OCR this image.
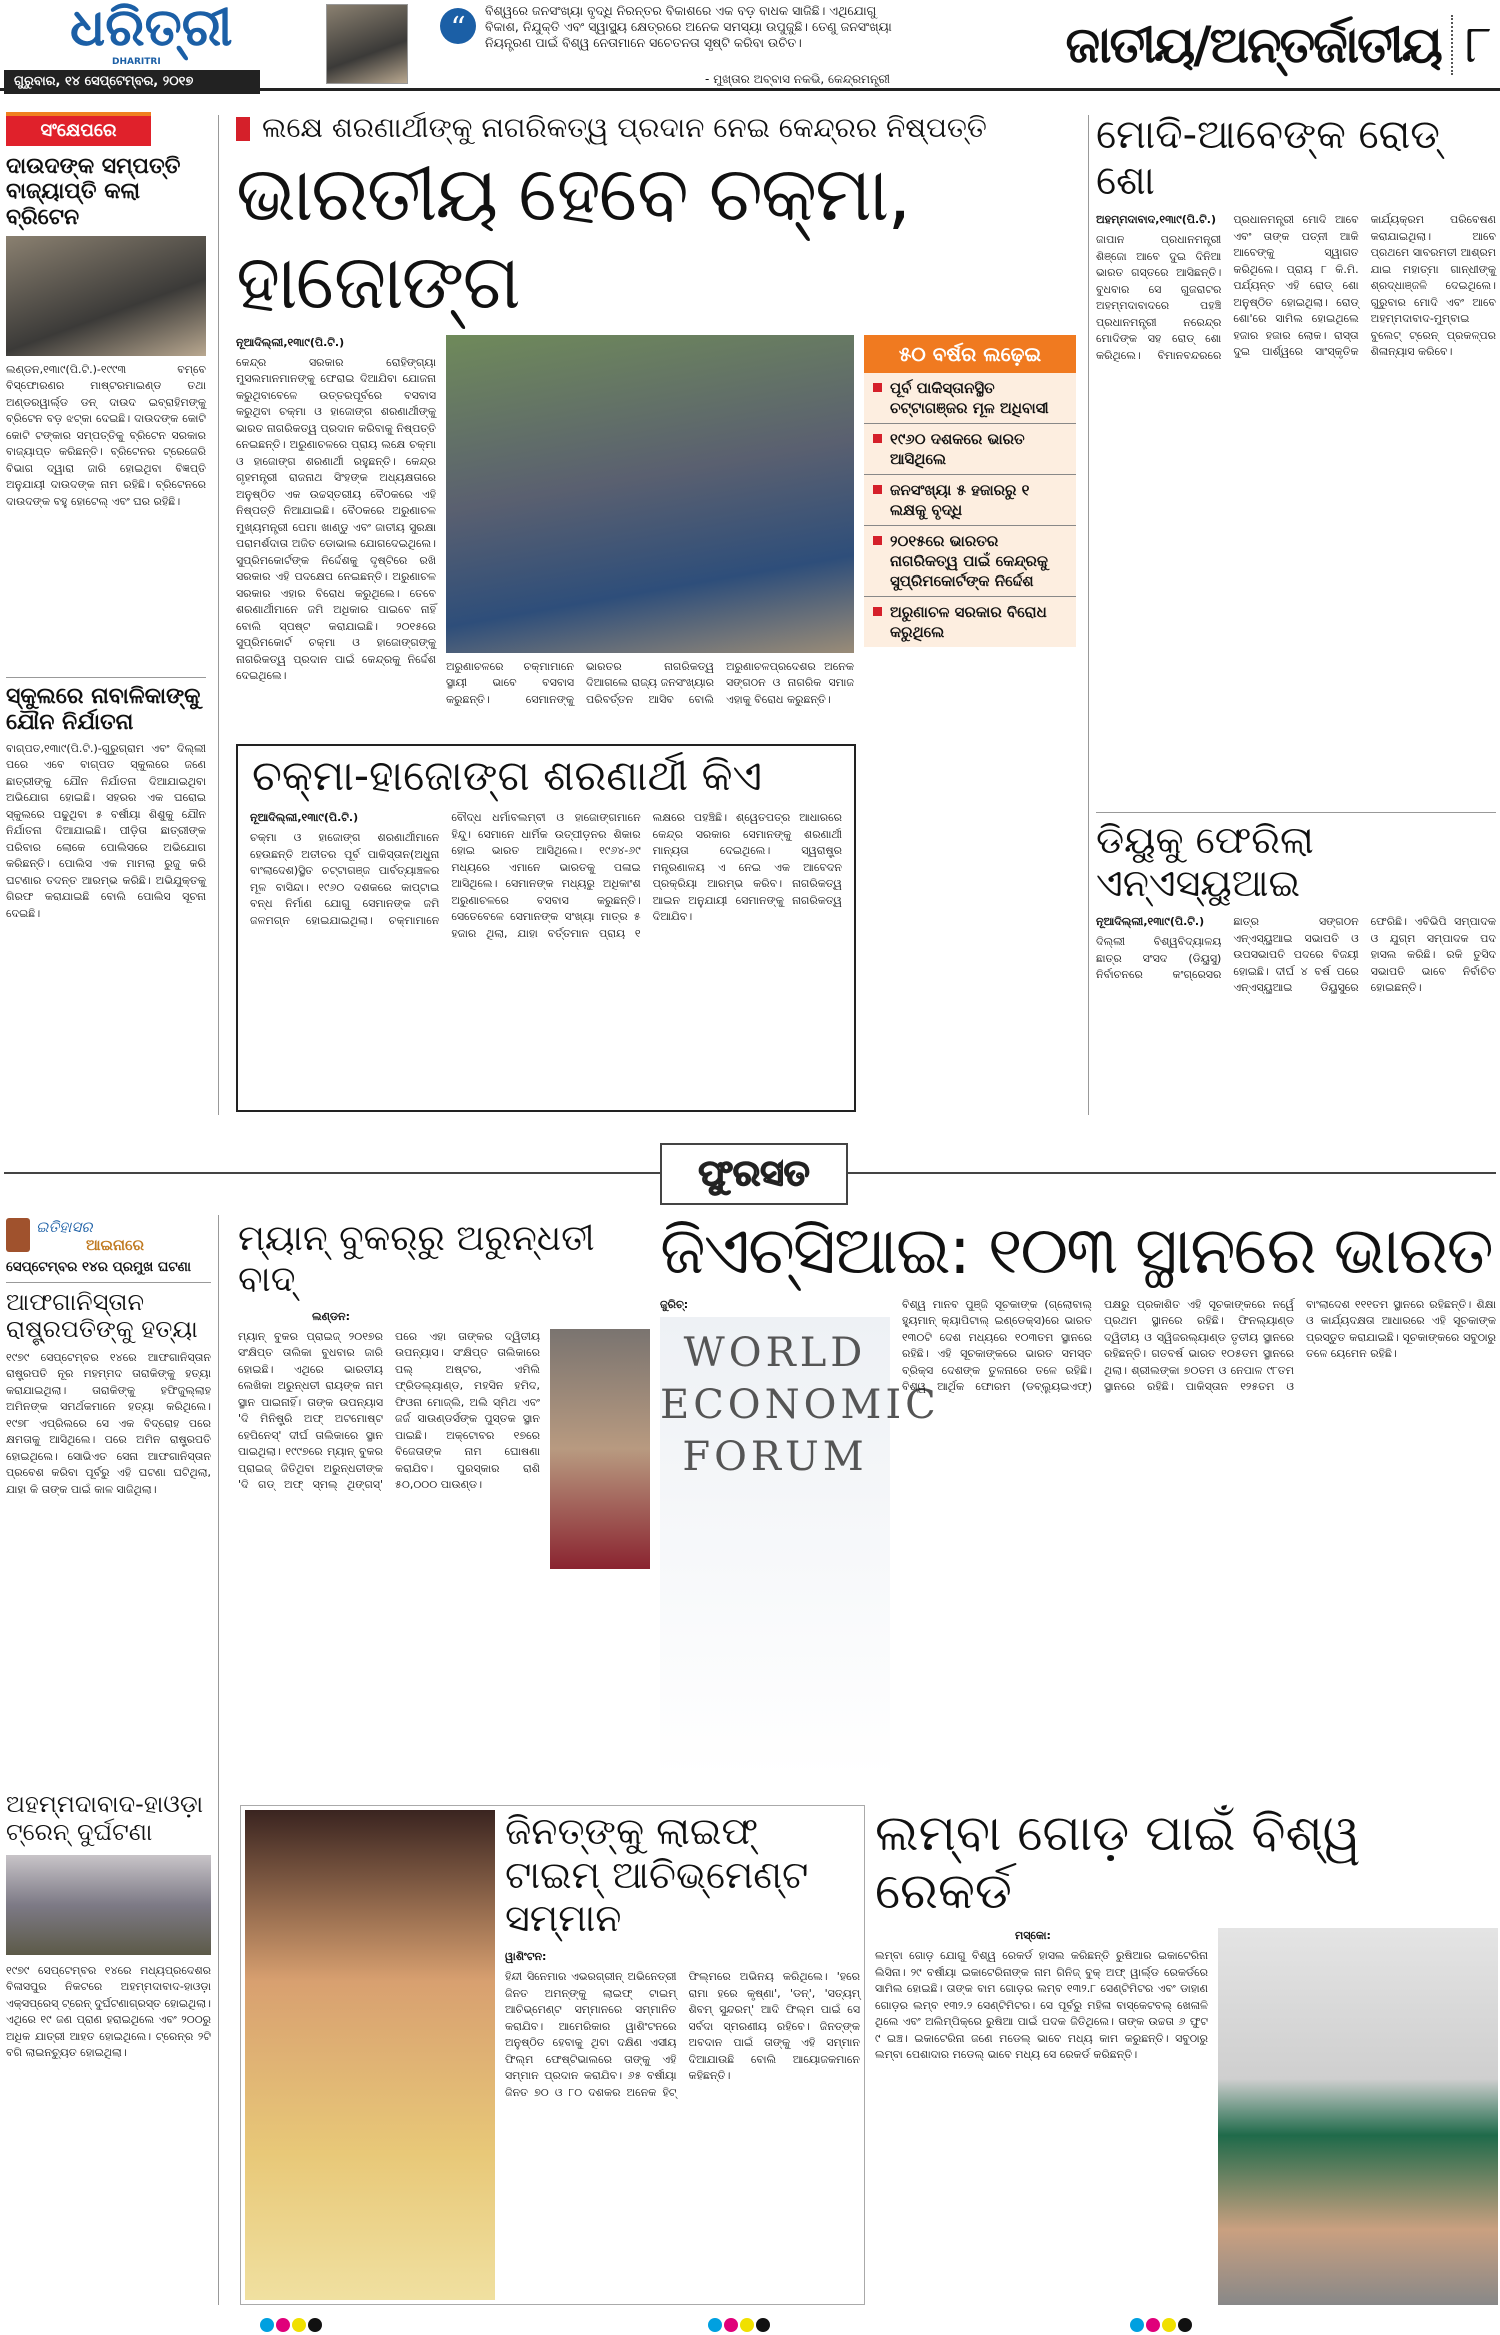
ଧରିତ୍ରୀ
DHARITRI
ଗୁରୁବାର, ୧୪ ସେପ୍ଟେମ୍ବର, ୨୦୧୭
“
ବିଶ୍ୱରେ ଜନସଂଖ୍ୟା ବୃଦ୍ଧି ନିରନ୍ତର ବିକାଶରେ ଏକ ବଡ଼ ବାଧକ ସାଜିଛି। ଏଥିଯୋଗୁ ବିକାଶ, ନିଯୁକ୍ତି ଏବଂ ସ୍ୱାସ୍ଥ୍ୟ କ୍ଷେତ୍ରରେ ଅନେକ ସମସ୍ୟା ଉପୁଜୁଛି। ତେଣୁ ଜନସଂଖ୍ୟା ନିୟନ୍ତ୍ରଣ ପାଇଁ ବିଶ୍ୱ ନେତାମାନେ ସଚେତନତା ସୃଷ୍ଟି କରିବା ଉଚିତ।
- ମୁଖ୍ତାର ଅବ୍ବାସ ନକଭି, କେନ୍ଦ୍ରମନ୍ତ୍ରୀ
ଜାତୀୟ/ଅନ୍ତର୍ଜାତୀୟ ୮
ସଂକ୍ଷେପରେ
ଦାଉଦଙ୍କ ସମ୍ପତ୍ତି ବାଜ୍ୟାପ୍ତି କଲା ବ୍ରିଟେନ
ଲଣ୍ଡନ,୧୩ା୯(ପି.ଟି.)-୧୯୯୩ ବମ୍ବେ ବିସ୍ଫୋରଣର ମାଷ୍ଟରମାଇଣ୍ଡ ତଥା ଅଣ୍ଡରୱାର୍ଲ୍ଡ ଡନ୍ ଦାଉଦ ଇବ୍ରାହିମଙ୍କୁ ବ୍ରିଟେନ ବଡ଼ ଝଟ୍‌କା ଦେଇଛି। ଦାଉଦଙ୍କ କୋଟି କୋଟି ଟଙ୍କାର ସମ୍ପତ୍ତିକୁ ବ୍ରିଟେନ ସରକାର ବାଜ୍ୟାପ୍ତ କରିଛନ୍ତି। ବ୍ରିଟେନର ଟ୍ରେଜେରି ବିଭାଗ ଦ୍ୱାରା ଜାରି ହୋଇଥିବା ବିଜ୍ଞପ୍ତି ଅନୁଯାୟୀ ଦାଉଦଙ୍କ ନାମ ରହିଛି। ବ୍ରିଟେନରେ ଦାଉଦଙ୍କ ବହୁ ହୋଟେଲ୍ ଏବଂ ଘର ରହିଛି।
ସ୍କୁଲରେ ନାବାଳିକାଙ୍କୁ ଯୌନ ନିର୍ଯାତନା
ବାଗ୍‌ପତ,୧୩ା୯(ପି.ଟି.)-ଗୁରୁଗ୍ରାମ ଏବଂ ଦିଲ୍ଲୀ ପରେ ଏବେ ବାଗ୍‌ପତ ସ୍କୁଲରେ ଜଣେ ଛାତ୍ରୀଙ୍କୁ ଯୌନ ନିର୍ଯାତନା ଦିଆଯାଇଥିବା ଅଭିଯୋଗ ହୋଇଛି। ସହରର ଏକ ଘରୋଇ ସ୍କୁଲରେ ପଢୁଥିବା ୫ ବର୍ଷୀୟା ଶିଶୁକୁ ଯୌନ ନିର୍ଯାତନା ଦିଆଯାଇଛି। ପୀଡ଼ିତା ଛାତ୍ରୀଙ୍କ ପରିବାର ଲୋକେ ପୋଲିସରେ ଅଭିଯୋଗ କରିଛନ୍ତି। ପୋଲିସ ଏକ ମାମଲା ରୁଜୁ କରି ଘଟଣାର ତଦନ୍ତ ଆରମ୍ଭ କରିଛି। ଅଭିଯୁକ୍ତକୁ ଗିରଫ କରାଯାଇଛି ବୋଲି ପୋଲିସ ସୂଚନା ଦେଇଛି।
ଲକ୍ଷେ ଶରଣାର୍ଥୀଙ୍କୁ ନାଗରିକତ୍ୱ ପ୍ରଦାନ ନେଇ କେନ୍ଦ୍ରର ନିଷ୍ପତ୍ତି
ଭାରତୀୟ ହେବେ ଚକ୍‌ମା, ହାଜୋଙ୍ଗ
ନୂଆଦିଲ୍ଲୀ,୧୩ା୯(ପି.ଟି.)
କେନ୍ଦ୍ର ସରକାର ରୋହିଙ୍ଗ୍ୟା ମୁସଲମାନମାନଙ୍କୁ ଫେରାଇ ଦିଆଯିବା ଯୋଜନା କରୁଥିବାବେଳେ ଉତ୍ତରପୂର୍ବରେ ବସବାସ କରୁଥିବା ଚକ୍‌ମା ଓ ହାଜୋଙ୍ଗ ଶରଣାର୍ଥୀଙ୍କୁ ଭାରତ ନାଗରିକତ୍ୱ ପ୍ରଦାନ କରିବାକୁ ନିଷ୍ପତ୍ତି ନେଇଛନ୍ତି। ଅରୁଣାଚଳରେ ପ୍ରାୟ ଲକ୍ଷେ ଚକ୍‌ମା ଓ ହାଜୋଙ୍ଗ ଶରଣାର୍ଥୀ ରହୁଛନ୍ତି। କେନ୍ଦ୍ର ଗୃହମନ୍ତ୍ରୀ ରାଜନାଥ ସିଂହଙ୍କ ଅଧ୍ୟକ୍ଷତାରେ ଅନୁଷ୍ଠିତ ଏକ ଉଚ୍ଚସ୍ତରୀୟ ବୈଠକରେ ଏହି ନିଷ୍ପତ୍ତି ନିଆଯାଇଛି। ବୈଠକରେ ଅରୁଣାଚଳ ମୁଖ୍ୟମନ୍ତ୍ରୀ ପେମା ଖାଣ୍ଡୁ ଏବଂ ଜାତୀୟ ସୁରକ୍ଷା ପରାମର୍ଶଦାତା ଅଜିତ ଡୋଭାଲ ଯୋଗଦେଇଥିଲେ। ସୁପ୍ରିମକୋର୍ଟଙ୍କ ନିର୍ଦ୍ଦେଶକୁ ଦୃଷ୍ଟିରେ ରଖି ସରକାର ଏହି ପଦକ୍ଷେପ ନେଇଛନ୍ତି। ଅରୁଣାଚଳ ସରକାର ଏହାର ବିରୋଧ କରୁଥିଲେ। ତେବେ ଶରଣାର୍ଥୀମାନେ ଜମି ଅଧିକାର ପାଇବେ ନାହିଁ ବୋଲି ସ୍ପଷ୍ଟ କରାଯାଇଛି। ୨୦୧୫ରେ ସୁପ୍ରିମକୋର୍ଟ ଚକ୍‌ମା ଓ ହାଜୋଙ୍ଗଙ୍କୁ ନାଗରିକତ୍ୱ ପ୍ରଦାନ ପାଇଁ କେନ୍ଦ୍ରକୁ ନିର୍ଦ୍ଦେଶ ଦେଇଥିଲେ।
ଅରୁଣାଚଳରେ ଚକ୍‌ମାମାନେ ସ୍ଥାୟୀ ଭାବେ ବସବାସ କରୁଛନ୍ତି। ସେମାନଙ୍କୁ ଭାରତର ନାଗରିକତ୍ୱ ଦିଆଗଲେ ରାଜ୍ୟ ଜନସଂଖ୍ୟାର ପରିବର୍ତ୍ତନ ଆସିବ ବୋଲି ଅରୁଣାଚଳପ୍ରଦେଶର ଅନେକ ସଙ୍ଗଠନ ଓ ନାଗରିକ ସମାଜ ଏହାକୁ ବିରୋଧ କରୁଛନ୍ତି।
୫୦ ବର୍ଷର ଲଢ଼େଇ
ପୂର୍ବ ପାକିସ୍ତାନସ୍ଥିତ ଚଟ୍ଟାଗଞ୍ଜର ମୂଳ ଅଧିବାସୀ
୧୯୬୦ ଦଶକରେ ଭାରତ ଆସିଥିଲେ
ଜନସଂଖ୍ୟା ୫ ହଜାରରୁ ୧ ଲକ୍ଷକୁ ବୃଦ୍ଧି
୨୦୧୫ରେ ଭାରତର ନାଗରିକତ୍ୱ ପାଇଁ କେନ୍ଦ୍ରକୁ ସୁପ୍ରିମକୋର୍ଟଙ୍କ ନିର୍ଦ୍ଦେଶ
ଅରୁଣାଚଳ ସରକାର ବିରୋଧ କରୁଥିଲେ
ଚକ୍‌ମା-ହାଜୋଙ୍ଗ ଶରଣାର୍ଥୀ କିଏ
ନୂଆଦିଲ୍ଲୀ,୧୩ା୯(ପି.ଟି.)
ଚକ୍‌ମା ଓ ହାଜୋଙ୍ଗ ଶରଣାର୍ଥୀମାନେ ହେଉଛନ୍ତି ଅତୀତର ପୂର୍ବ ପାକିସ୍ତାନ(ଅଧୁନା ବାଂଲାଦେଶ)ସ୍ଥିତ ଚଟ୍ଟାଗଞ୍ଜ ପାର୍ବତ୍ୟାଞ୍ଚଳର ମୂଳ ବାସିନ୍ଦା। ୧୯୬୦ ଦଶକରେ କାପ୍ଟାଇ ବନ୍ଧ ନିର୍ମାଣ ଯୋଗୁ ସେମାନଙ୍କ ଜମି ଜଳମଗ୍ନ ହୋଇଯାଇଥିଲା। ଚକ୍‌ମାମାନେ ବୌଦ୍ଧ ଧର୍ମାବଲମ୍ବୀ ଓ ହାଜୋଙ୍ଗମାନେ ହିନ୍ଦୁ। ସେମାନେ ଧାର୍ମିକ ଉତ୍ପୀଡ଼ନର ଶିକାର ହୋଇ ଭାରତ ଆସିଥିଲେ। ୧୯୬୪-୬୯ ମଧ୍ୟରେ ଏମାନେ ଭାରତକୁ ପଳାଇ ଆସିଥିଲେ। ସେମାନଙ୍କ ମଧ୍ୟରୁ ଅଧିକାଂଶ ଅରୁଣାଚଳରେ ବସବାସ କରୁଛନ୍ତି। ସେତେବେଳେ ସେମାନଙ୍କ ସଂଖ୍ୟା ମାତ୍ର ୫ ହଜାର ଥିଲା, ଯାହା ବର୍ତ୍ତମାନ ପ୍ରାୟ ୧ ଲକ୍ଷରେ ପହଞ୍ଚିଛି। ଶ୍ୱେତପତ୍ର ଆଧାରରେ କେନ୍ଦ୍ର ସରକାର ସେମାନଙ୍କୁ ଶରଣାର୍ଥୀ ମାନ୍ୟତା ଦେଇଥିଲେ। ସ୍ୱରାଷ୍ଟ୍ର ମନ୍ତ୍ରଣାଳୟ ଏ ନେଇ ଏକ ଆବେଦନ ପ୍ରକ୍ରିୟା ଆରମ୍ଭ କରିବ। ନାଗରିକତ୍ୱ ଆଇନ ଅନୁଯାୟୀ ସେମାନଙ୍କୁ ନାଗରିକତ୍ୱ ଦିଆଯିବ।
ମୋଦି-ଆବେଙ୍କ ରୋଡ୍ ଶୋ
ଅହମ୍ମଦାବାଦ,୧୩ା୯(ପି.ଟି.)
ଜାପାନ ପ୍ରଧାନମନ୍ତ୍ରୀ ଶିଞ୍ଜୋ ଆବେ ଦୁଇ ଦିନିଆ ଭାରତ ଗସ୍ତରେ ଆସିଛନ୍ତି। ବୁଧବାର ସେ ଗୁଜରାଟର ଅହମ୍ମଦାବାଦରେ ପହଞ୍ଚି ପ୍ରଧାନମନ୍ତ୍ରୀ ନରେନ୍ଦ୍ର ମୋଦିଙ୍କ ସହ ରୋଡ୍ ଶୋ କରିଥିଲେ। ବିମାନବନ୍ଦରରେ ପ୍ରଧାନମନ୍ତ୍ରୀ ମୋଦି ଆବେ ଏବଂ ତାଙ୍କ ପତ୍ନୀ ଆକି ଆବେଙ୍କୁ ସ୍ୱାଗତ କରିଥିଲେ। ପ୍ରାୟ ୮ କି.ମି. ପର୍ଯ୍ୟନ୍ତ ଏହି ରୋଡ୍ ଶୋ ଅନୁଷ୍ଠିତ ହୋଇଥିଲା। ରୋଡ୍ ଶୋ'ରେ ସାମିଲ ହୋଇଥିଲେ ହଜାର ହଜାର ଲୋକ। ରାସ୍ତା ଦୁଇ ପାର୍ଶ୍ୱରେ ସାଂସ୍କୃତିକ କାର୍ଯ୍ୟକ୍ରମ ପରିବେଷଣ କରାଯାଇଥିଲା। ଆବେ ପ୍ରଥମେ ସାବରମତୀ ଆଶ୍ରମ ଯାଇ ମହାତ୍ମା ଗାନ୍ଧୀଙ୍କୁ ଶ୍ରଦ୍ଧାଞ୍ଜଳି ଦେଇଥିଲେ। ଗୁରୁବାର ମୋଦି ଏବଂ ଆବେ ଅହମ୍ମଦାବାଦ-ମୁମ୍ବାଇ ବୁଲେଟ୍ ଟ୍ରେନ୍ ପ୍ରକଳ୍ପର ଶିଳାନ୍ୟାସ କରିବେ।
ଡିୟୁକୁ ଫେରିଲା ଏନ୍‌ଏସ୍‌ୟୁଆଇ
ନୂଆଦିଲ୍ଲୀ,୧୩ା୯(ପି.ଟି.)
ଦିଲ୍ଲୀ ବିଶ୍ୱବିଦ୍ୟାଳୟ ଛାତ୍ର ସଂସଦ (ଡିୟୁସୁ) ନିର୍ବାଚନରେ କଂଗ୍ରେସର ଛାତ୍ର ସଙ୍ଗଠନ ଏନ୍‌ଏସ୍‌ୟୁଆଇ ସଭାପତି ଓ ଉପସଭାପତି ପଦରେ ବିଜୟୀ ହୋଇଛି। ଦୀର୍ଘ ୪ ବର୍ଷ ପରେ ଏନ୍‌ଏସ୍‌ୟୁଆଇ ଡିୟୁସୁରେ ଫେରିଛି। ଏବିଭିପି ସମ୍ପାଦକ ଓ ଯୁଗ୍ମ ସମ୍ପାଦକ ପଦ ହାସଲ କରିଛି। ରକି ତୁସିଦ ସଭାପତି ଭାବେ ନିର୍ବାଚିତ ହୋଇଛନ୍ତି।
ଫୁରସତ
ଇତିହାସର
ଆଇନାରେ
ସେପ୍ଟେମ୍ବର ୧୪ର ପ୍ରମୁଖ ଘଟଣା
ଆଫଗାନିସ୍ତାନ ରାଷ୍ଟ୍ରପତିଙ୍କୁ ହତ୍ୟା
୧୯୭୯ ସେପ୍ଟେମ୍ବର ୧୪ରେ ଆଫଗାନିସ୍ତାନ ରାଷ୍ଟ୍ରପତି ନୂର ମହମ୍ମଦ ତାରାକିଙ୍କୁ ହତ୍ୟା କରାଯାଇଥିଲା। ତାରାକିଙ୍କୁ ହଫିଜୁଲ୍ଲାହ ଅମିନଙ୍କ ସମର୍ଥକମାନେ ହତ୍ୟା କରିଥିଲେ। ୧୯୭୮ ଏପ୍ରିଲରେ ସେ ଏକ ବିଦ୍ରୋହ ପରେ କ୍ଷମତାକୁ ଆସିଥିଲେ। ପରେ ଅମିନ ରାଷ୍ଟ୍ରପତି ହୋଇଥିଲେ। ସୋଭିଏତ ସେନା ଆଫଗାନିସ୍ତାନ ପ୍ରବେଶ କରିବା ପୂର୍ବରୁ ଏହି ଘଟଣା ଘଟିଥିଲା, ଯାହା କି ତାଙ୍କ ପାଇଁ କାଳ ସାଜିଥିଲା।
ଅହମ୍ମଦାବାଦ-ହାଓଡ଼ା ଟ୍ରେନ୍ ଦୁର୍ଘଟଣା
୧୯୭୯ ସେପ୍ଟେମ୍ବର ୧୪ରେ ମଧ୍ୟପ୍ରଦେଶର ବିଳାସପୁର ନିକଟରେ ଅହମ୍ମଦାବାଦ-ହାଓଡ଼ା ଏକ୍ସପ୍ରେସ୍ ଟ୍ରେନ୍ ଦୁର୍ଘଟଣାଗ୍ରସ୍ତ ହୋଇଥିଲା। ଏଥିରେ ୧୯ ଜଣ ପ୍ରାଣ ହରାଇଥିଲେ ଏବଂ ୨୦୦ରୁ ଅଧିକ ଯାତ୍ରୀ ଆହତ ହୋଇଥିଲେ। ଟ୍ରେନ୍‌ର ୨ଟି ବଗି ଲାଇନଚ୍ୟୁତ ହୋଇଥିଲା।
ମ୍ୟାନ୍ ବୁକର୍‌ରୁ ଅରୁନ୍ଧତୀ ବାଦ୍
ଲଣ୍ଡନ:
ମ୍ୟାନ୍ ବୁକର ପ୍ରାଇଜ୍ ୨୦୧୭ର ସଂକ୍ଷିପ୍ତ ତାଲିକା ବୁଧବାର ଜାରି ହୋଇଛି। ଏଥିରେ ଭାରତୀୟ ଲେଖିକା ଅରୁନ୍ଧତୀ ରାୟଙ୍କ ନାମ ସ୍ଥାନ ପାଇନାହିଁ। ତାଙ୍କ ଉପନ୍ୟାସ 'ଦି ମିନିଷ୍ଟ୍ରି ଅଫ୍ ଅଟମୋଷ୍ଟ ହେପିନେସ୍' ଦୀର୍ଘ ତାଲିକାରେ ସ୍ଥାନ ପାଇଥିଲା। ୧୯୯୭ରେ ମ୍ୟାନ୍ ବୁକର ପ୍ରାଇଜ୍ ଜିତିଥିବା ଅରୁନ୍ଧତୀଙ୍କ 'ଦି ଗଡ୍ ଅଫ୍ ସ୍ମଲ୍ ଥିଙ୍ଗସ୍' ପରେ ଏହା ତାଙ୍କର ଦ୍ୱିତୀୟ ଉପନ୍ୟାସ। ସଂକ୍ଷିପ୍ତ ତାଲିକାରେ ପଲ୍ ଅଷ୍ଟର, ଏମିଲି ଫ୍ରିଡଲ୍ୟାଣ୍ଡ, ମହସିନ ହମିଦ, ଫିଓନା ମୋଜ୍ଲି, ଅଲି ସ୍ମିଥ ଏବଂ ଜର୍ଜ ସାଉଣ୍ଡର୍ସଙ୍କ ପୁସ୍ତକ ସ୍ଥାନ ପାଇଛି। ଅକ୍ଟୋବର ୧୭ରେ ବିଜେତାଙ୍କ ନାମ ଘୋଷଣା କରାଯିବ। ପୁରସ୍କାର ରାଶି ୫୦,୦୦୦ ପାଉଣ୍ଡ।
ଜିଏଚ୍‌ସିଆଇ: ୧୦୩ ସ୍ଥାନରେ ଭାରତ
ଜୁରିଚ୍:
WORLD ECONOMIC FORUM
ବିଶ୍ୱ ମାନବ ପୁଞ୍ଜି ସୂଚକାଙ୍କ (ଗ୍ଲୋବାଲ୍ ହ୍ୟୁମାନ୍ କ୍ୟାପିଟାଲ୍ ଇଣ୍ଡେକ୍ସ)ରେ ଭାରତ ୧୩୦ଟି ଦେଶ ମଧ୍ୟରେ ୧୦୩ତମ ସ୍ଥାନରେ ରହିଛି। ଏହି ସୂଚକାଙ୍କରେ ଭାରତ ସମସ୍ତ ବ୍ରିକ୍ସ ଦେଶଙ୍କ ତୁଳନାରେ ତଳେ ରହିଛି। ବିଶ୍ୱ ଆର୍ଥିକ ଫୋରମ (ଡବ୍ଲ୍ୟୁଇଏଫ୍) ପକ୍ଷରୁ ପ୍ରକାଶିତ ଏହି ସୂଚକାଙ୍କରେ ନର୍ୱେ ପ୍ରଥମ ସ୍ଥାନରେ ରହିଛି। ଫିନଲ୍ୟାଣ୍ଡ ଦ୍ୱିତୀୟ ଓ ସ୍ୱିଜରଲ୍ୟାଣ୍ଡ ତୃତୀୟ ସ୍ଥାନରେ ରହିଛନ୍ତି। ଗତବର୍ଷ ଭାରତ ୧୦୫ତମ ସ୍ଥାନରେ ଥିଲା। ଶ୍ରୀଲଙ୍କା ୭୦ତମ ଓ ନେପାଳ ୯୮ତମ ସ୍ଥାନରେ ରହିଛି। ପାକିସ୍ତାନ ୧୨୫ତମ ଓ ବାଂଲାଦେଶ ୧୧୧ତମ ସ୍ଥାନରେ ରହିଛନ୍ତି। ଶିକ୍ଷା ଓ କାର୍ଯ୍ୟଦକ୍ଷତା ଆଧାରରେ ଏହି ସୂଚକାଙ୍କ ପ୍ରସ୍ତୁତ କରାଯାଇଛି। ସୂଚକାଙ୍କରେ ସବୁଠାରୁ ତଳେ ୟେମେନ ରହିଛି।
ଜିନତ୍‌ଙ୍କୁ ଲାଇଫ୍ ଟାଇମ୍ ଆଚିଭ୍‌ମେଣ୍ଟ ସମ୍ମାନ
ୱାଶିଂଟନ:
ହିନ୍ଦୀ ସିନେମାର ଏଭରଗ୍ରୀନ୍ ଅଭିନେତ୍ରୀ ଜିନତ ଅମନ୍‌ଙ୍କୁ ଲାଇଫ୍ ଟାଇମ୍ ଆଚିଭ୍‌ମେଣ୍ଟ ସମ୍ମାନରେ ସମ୍ମାନିତ କରାଯିବ। ଆମେରିକାର ୱାଶିଂଟନରେ ଅନୁଷ୍ଠିତ ହେବାକୁ ଥିବା ଦକ୍ଷିଣ ଏସୀୟ ଫିଲ୍ମ ଫେଷ୍ଟିଭାଲରେ ତାଙ୍କୁ ଏହି ସମ୍ମାନ ପ୍ରଦାନ କରାଯିବ। ୬୫ ବର୍ଷୀୟା ଜିନତ ୭୦ ଓ ୮୦ ଦଶକର ଅନେକ ହିଟ୍ ଫିଲ୍ମରେ ଅଭିନୟ କରିଥିଲେ। 'ହରେ ରାମା ହରେ କୃଷ୍ଣା', 'ଡନ୍', 'ସତ୍ୟମ୍ ଶିବମ୍ ସୁନ୍ଦରମ୍' ଆଦି ଫିଲ୍ମ ପାଇଁ ସେ ସର୍ବଦା ସ୍ମରଣୀୟ ରହିବେ। ଜିନତ୍‌ଙ୍କ ଅବଦାନ ପାଇଁ ତାଙ୍କୁ ଏହି ସମ୍ମାନ ଦିଆଯାଉଛି ବୋଲି ଆୟୋଜକମାନେ କହିଛନ୍ତି।
ଲମ୍ବା ଗୋଡ଼ ପାଇଁ ବିଶ୍ୱ ରେକର୍ଡ
ମସ୍କୋ:
ଲମ୍ବା ଗୋଡ଼ ଯୋଗୁ ବିଶ୍ୱ ରେକର୍ଡ ହାସଲ କରିଛନ୍ତି ରୁଷିଆର ଇକାଟେରିନା ଲିସିନା। ୨୯ ବର୍ଷୀୟା ଇକାଟେରିନାଙ୍କ ନାମ ଗିନିଜ୍ ବୁକ୍ ଅଫ୍ ୱାର୍ଲ୍ଡ ରେକର୍ଡରେ ସାମିଲ ହୋଇଛି। ତାଙ୍କ ବାମ ଗୋଡ଼ର ଲମ୍ବ ୧୩୨.୮ ସେଣ୍ଟିମିଟର ଏବଂ ଡାହାଣ ଗୋଡ଼ର ଲମ୍ବ ୧୩୨.୨ ସେଣ୍ଟିମିଟର। ସେ ପୂର୍ବରୁ ମହିଳା ବାସ୍କେଟବଲ୍ ଖେଳାଳି ଥିଲେ ଏବଂ ଅଲିମ୍ପିକ୍‌ରେ ରୁଷିଆ ପାଇଁ ପଦକ ଜିତିଥିଲେ। ତାଙ୍କ ଉଚ୍ଚତା ୬ ଫୁଟ ୯ ଇଞ୍ଚ। ଇକାଟେରିନା ଜଣେ ମଡେଲ୍ ଭାବେ ମଧ୍ୟ କାମ କରୁଛନ୍ତି। ସବୁଠାରୁ ଲମ୍ବା ପେଶାଦାର ମଡେଲ୍ ଭାବେ ମଧ୍ୟ ସେ ରେକର୍ଡ କରିଛନ୍ତି।
